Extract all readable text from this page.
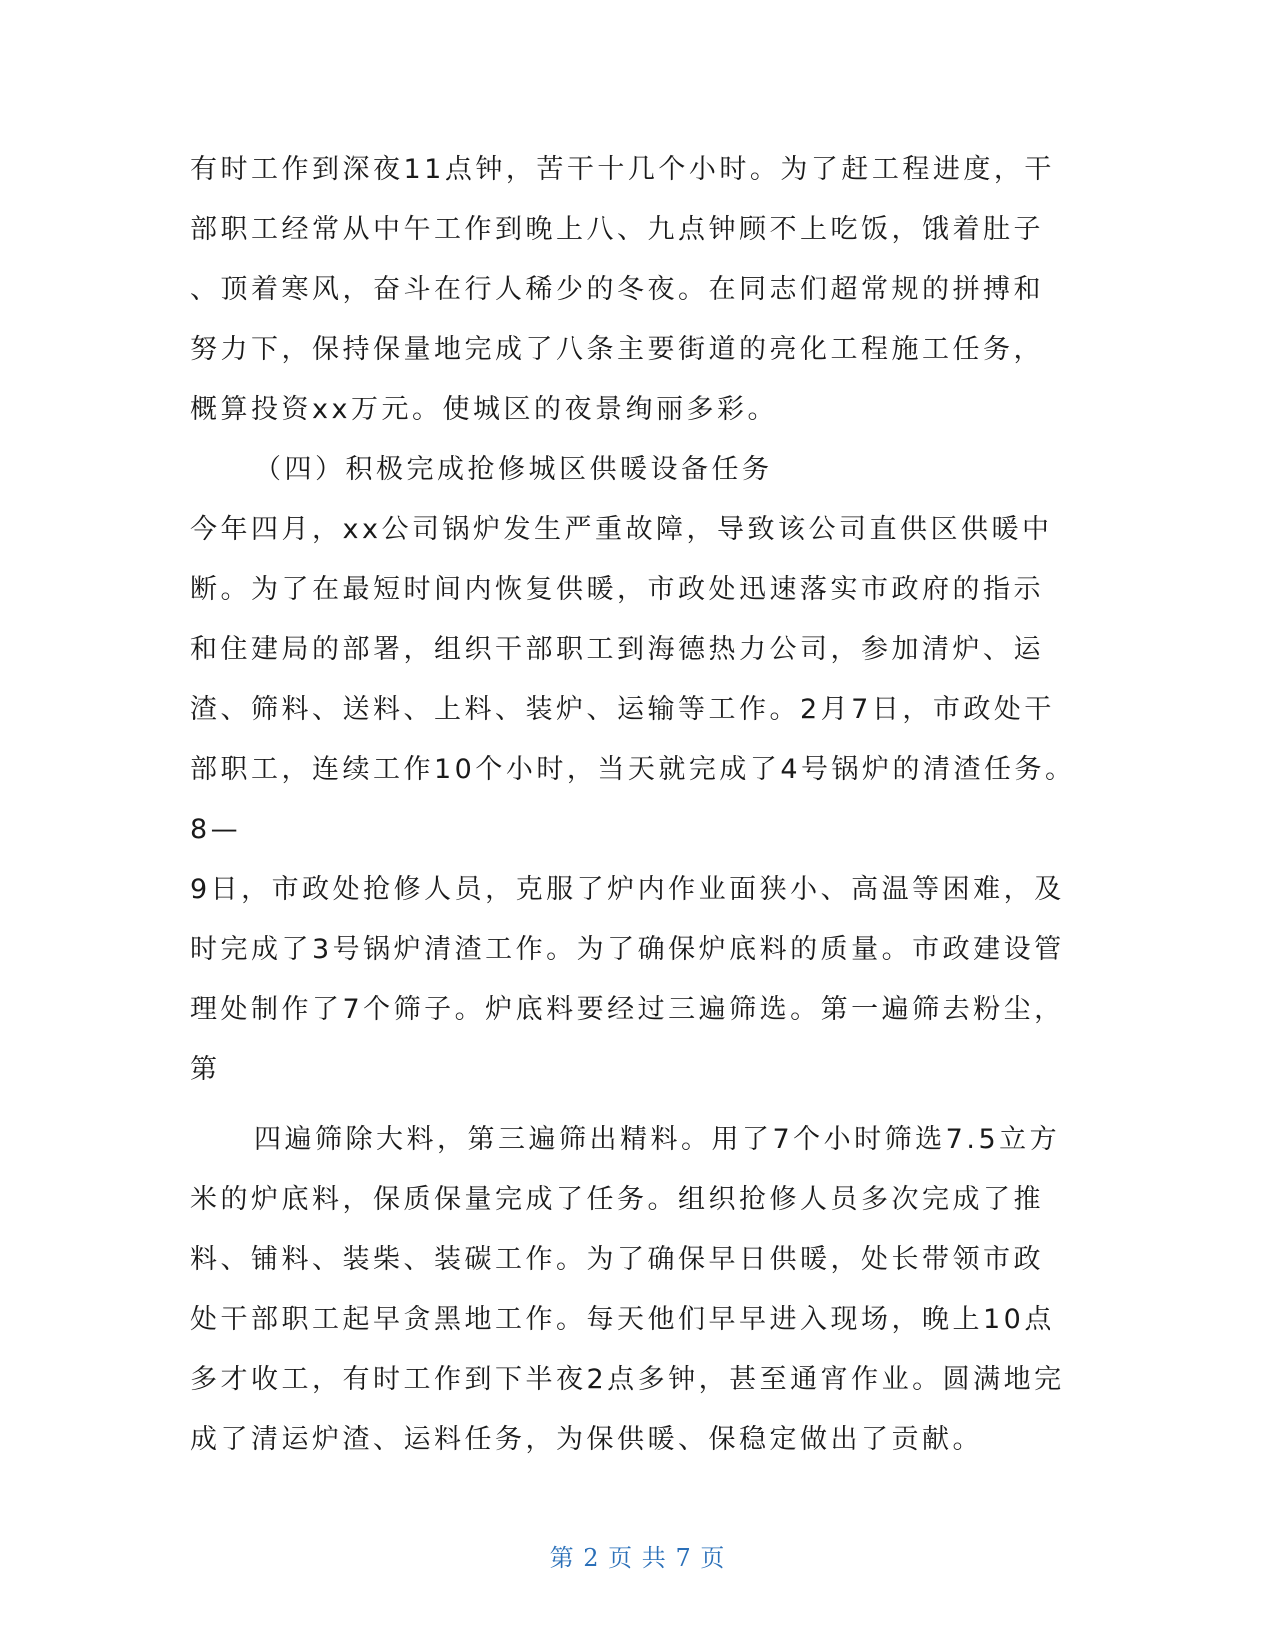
有时工作到深夜11点钟，苦干十几个小时。为了赶工程进度，干
部职工经常从中午工作到晚上八、九点钟顾不上吃饭，饿着肚子
、顶着寒风，奋斗在行人稀少的冬夜。在同志们超常规的拼搏和
努力下，保持保量地完成了八条主要街道的亮化工程施工任务，
概算投资xx万元。使城区的夜景绚丽多彩。
（四）积极完成抢修城区供暖设备任务
今年四月，xx公司锅炉发生严重故障，导致该公司直供区供暖中
断。为了在最短时间内恢复供暖，市政处迅速落实市政府的指示
和住建局的部署，组织干部职工到海德热力公司，参加清炉、运
渣、筛料、送料、上料、装炉、运输等工作。2月7日，市政处干
部职工，连续工作10个小时，当天就完成了4号锅炉的清渣任务。
8—
9日，市政处抢修人员，克服了炉内作业面狭小、高温等困难，及
时完成了3号锅炉清渣工作。为了确保炉底料的质量。市政建设管
理处制作了7个筛子。炉底料要经过三遍筛选。第一遍筛去粉尘，
第
四遍筛除大料，第三遍筛出精料。用了7个小时筛选7.5立方
米的炉底料，保质保量完成了任务。组织抢修人员多次完成了推
料、铺料、装柴、装碳工作。为了确保早日供暖，处长带领市政
处干部职工起早贪黑地工作。每天他们早早进入现场，晚上10点
多才收工，有时工作到下半夜2点多钟，甚至通宵作业。圆满地完
成了清运炉渣、运料任务，为保供暖、保稳定做出了贡献。
第 2 页 共 7 页
